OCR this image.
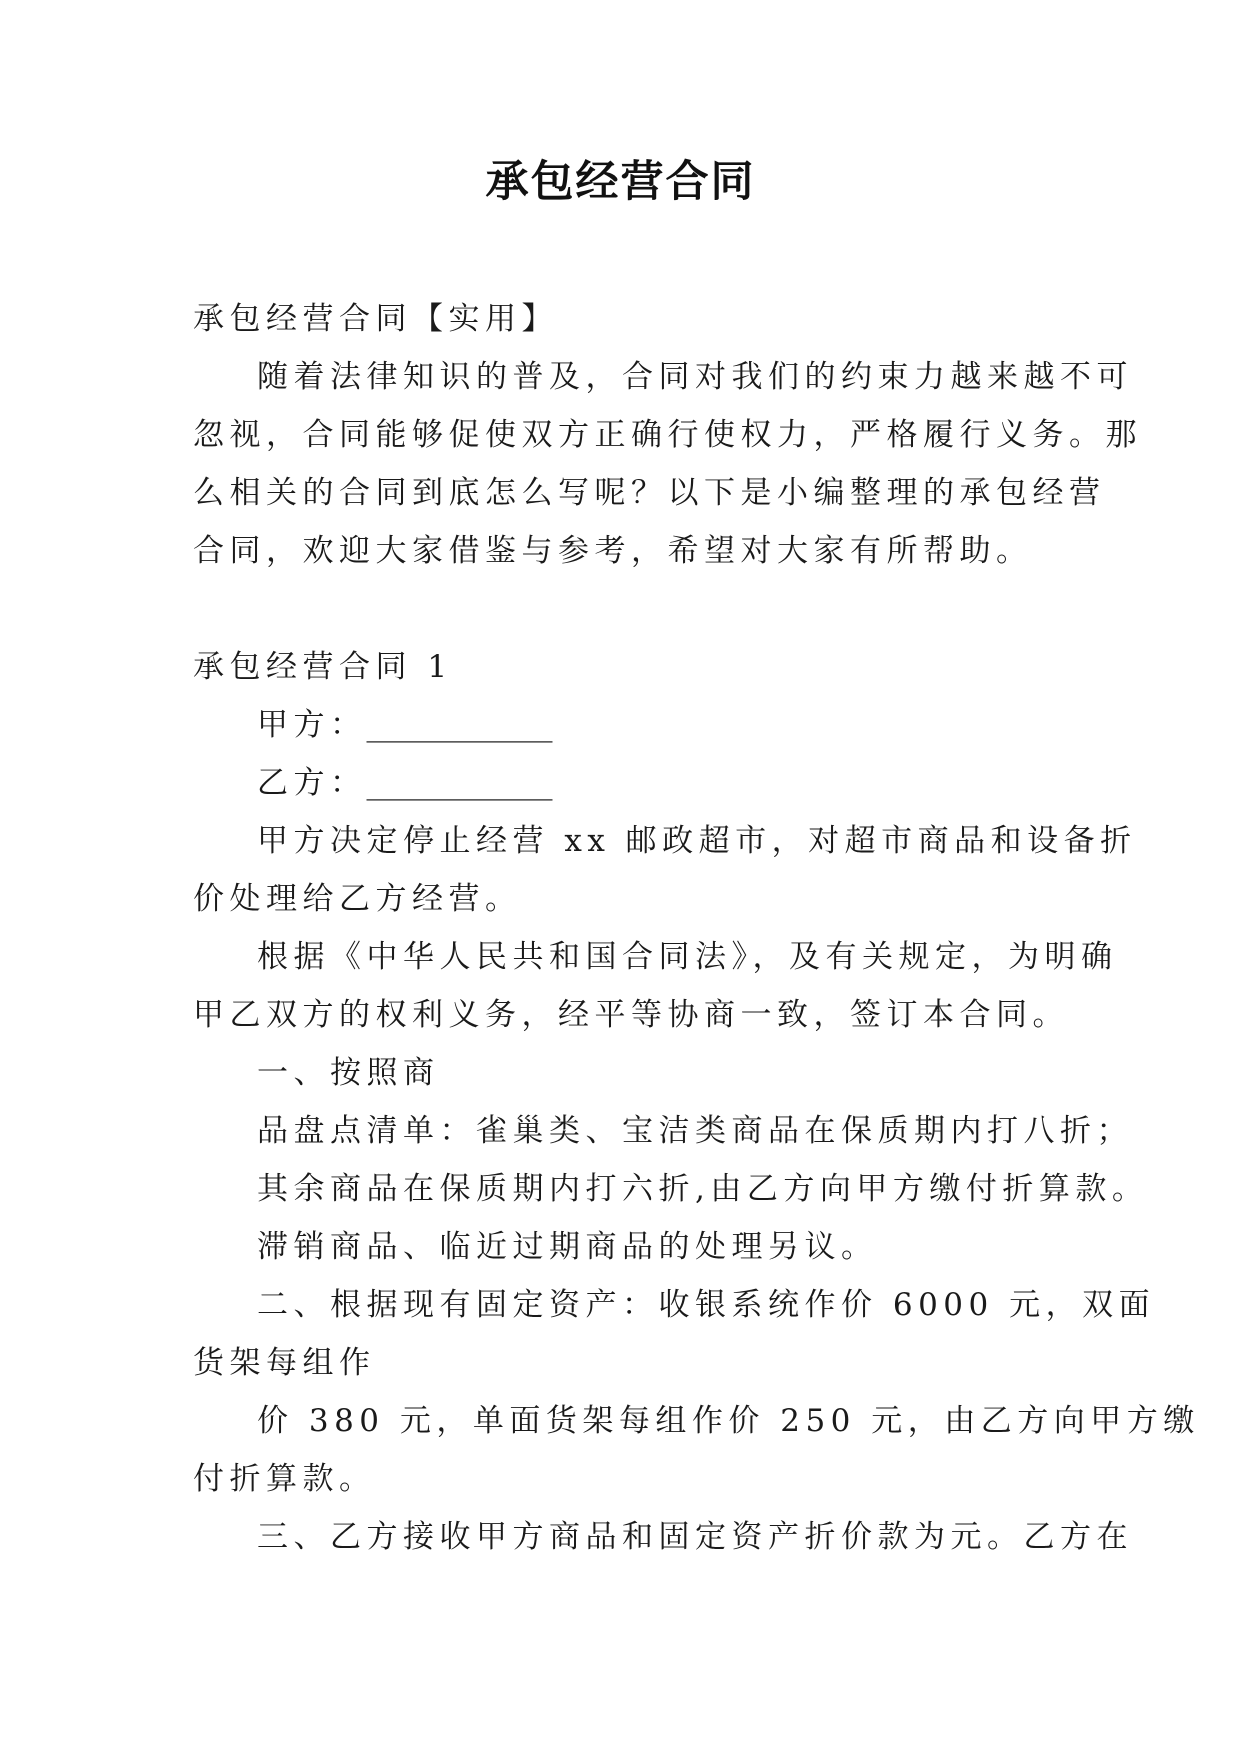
承包经营合同
承包经营合同【实用】
随着法律知识的普及，合同对我们的约束力越来越不可
忽视，合同能够促使双方正确行使权力，严格履行义务。那
么相关的合同到底怎么写呢？以下是小编整理的承包经营
合同，欢迎大家借鉴与参考，希望对大家有所帮助。
承包经营合同 1
甲方：____________
乙方：____________
甲方决定停止经营 xx 邮政超市，对超市商品和设备折
价处理给乙方经营。
根据《中华人民共和国合同法》，及有关规定，为明确
甲乙双方的权利义务，经平等协商一致，签订本合同。
一、按照商
品盘点清单：雀巢类、宝洁类商品在保质期内打八折；
其余商品在保质期内打六折,由乙方向甲方缴付折算款。
滞销商品、临近过期商品的处理另议。
二、根据现有固定资产：收银系统作价 6000 元，双面
货架每组作
价 380 元，单面货架每组作价 250 元，由乙方向甲方缴
付折算款。
三、乙方接收甲方商品和固定资产折价款为元。乙方在
